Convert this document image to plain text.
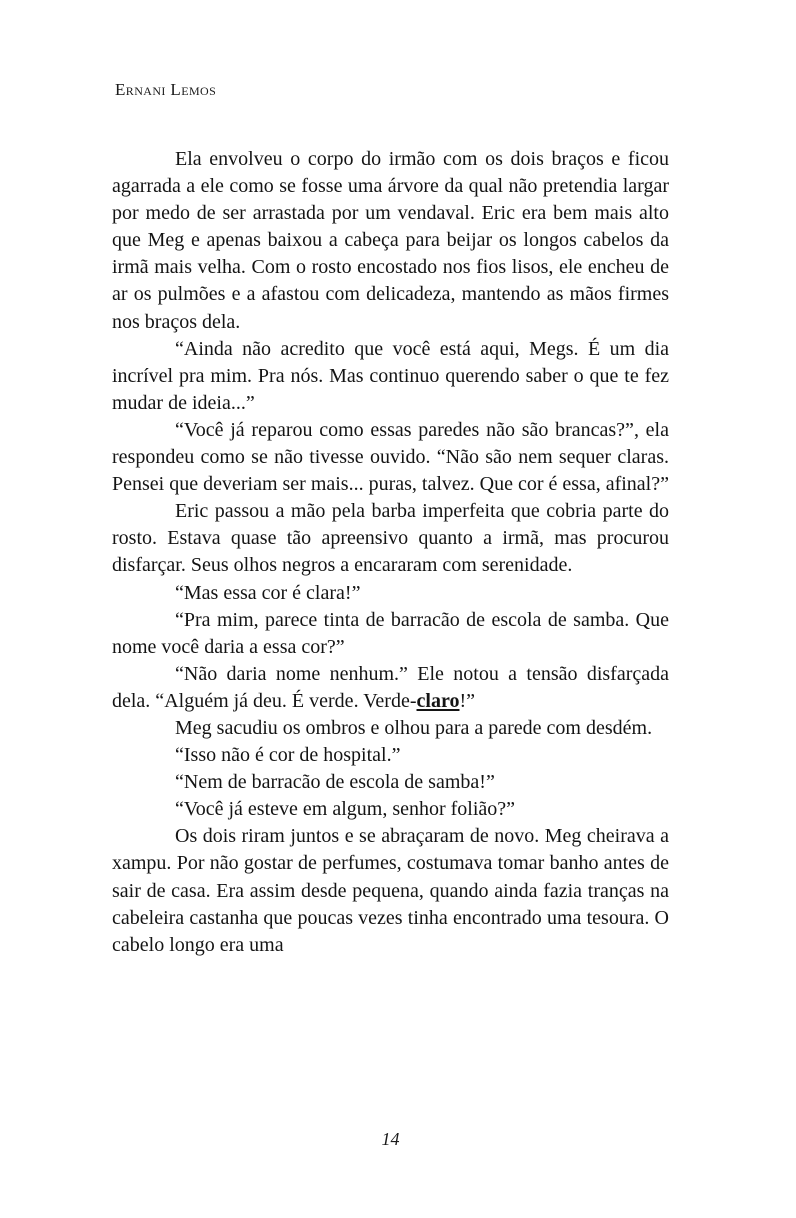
Ernani Lemos

Ela envolveu o corpo do irmão com os dois braços e ficou agarrada a ele como se fosse uma árvore da qual não pretendia largar por medo de ser arrastada por um vendaval. Eric era bem mais alto que Meg e apenas baixou a cabeça para beijar os longos cabelos da irmã mais velha. Com o rosto encostado nos fios lisos, ele encheu de ar os pulmões e a afastou com delicadeza, mantendo as mãos firmes nos braços dela.

“Ainda não acredito que você está aqui, Megs. É um dia incrível pra mim. Pra nós. Mas continuo querendo saber o que te fez mudar de ideia...”

“Você já reparou como essas paredes não são brancas?”, ela respondeu como se não tivesse ouvido. “Não são nem sequer claras. Pensei que deveriam ser mais... puras, talvez. Que cor é essa, afinal?”

Eric passou a mão pela barba imperfeita que cobria parte do rosto. Estava quase tão apreensivo quanto a irmã, mas procurou disfarçar. Seus olhos negros a encararam com serenidade.

“Mas essa cor é clara!”

“Pra mim, parece tinta de barracão de escola de samba. Que nome você daria a essa cor?”

“Não daria nome nenhum.” Ele notou a tensão disfarçada dela. “Alguém já deu. É verde. Verde-claro!”

Meg sacudiu os ombros e olhou para a parede com desdém.

“Isso não é cor de hospital.”

“Nem de barracão de escola de samba!”

“Você já esteve em algum, senhor folião?”

Os dois riram juntos e se abraçaram de novo. Meg cheirava a xampu. Por não gostar de perfumes, costumava tomar banho antes de sair de casa. Era assim desde pequena, quando ainda fazia tranças na cabeleira castanha que poucas vezes tinha encontrado uma tesoura. O cabelo longo era uma

14
